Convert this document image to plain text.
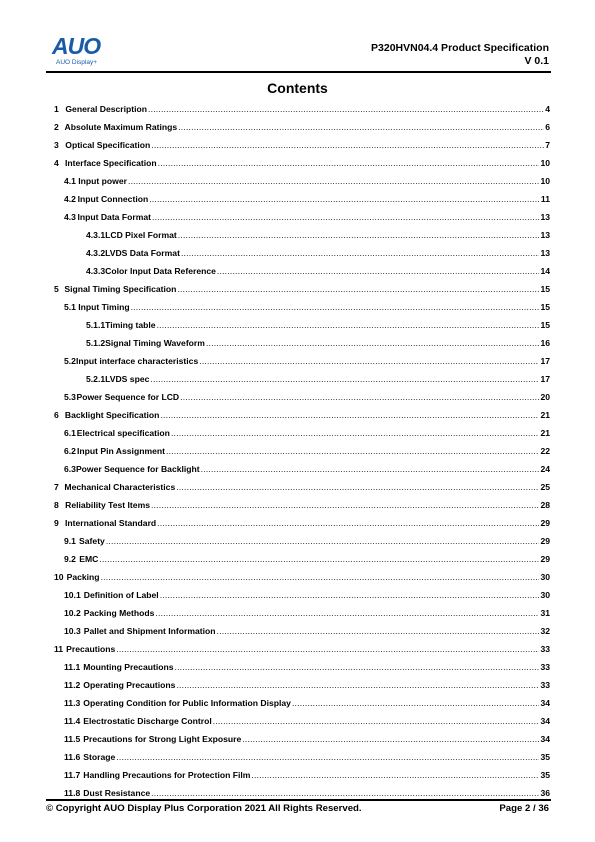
AUO
AUO Display+
P320HVN04.4 Product Specification
V 0.1
Contents
1 General Description .....	4
2 Absolute Maximum Ratings .....	6
3 Optical Specification .....	7
4 Interface Specification .....	10
4.1 Input power .....	10
4.2 Input Connection .....	11
4.3 Input Data Format .....	13
4.3.1 LCD Pixel Format .....	13
4.3.2 LVDS Data Format .....	13
4.3.3 Color Input Data Reference .....	14
5 Signal Timing Specification .....	15
5.1 Input Timing .....	15
5.1.1 Timing table .....	15
5.1.2 Signal Timing Waveform .....	16
5.2 Input interface characteristics .....	17
5.2.1 LVDS spec .....	17
5.3 Power Sequence for LCD .....	20
6 Backlight Specification .....	21
6.1 Electrical specification .....	21
6.2 Input Pin Assignment .....	22
6.3 Power Sequence for Backlight .....	24
7 Mechanical Characteristics .....	25
8 Reliability Test Items .....	28
9 International Standard .....	29
9.1 Safety .....	29
9.2 EMC .....	29
10 Packing .....	30
10.1 Definition of Label .....	30
10.2 Packing Methods .....	31
10.3 Pallet and Shipment Information .....	32
11 Precautions .....	33
11.1 Mounting Precautions .....	33
11.2 Operating Precautions .....	33
11.3 Operating Condition for Public Information Display .....	34
11.4 Electrostatic Discharge Control .....	34
11.5 Precautions for Strong Light Exposure .....	34
11.6 Storage .....	35
11.7 Handling Precautions for Protection Film .....	35
11.8 Dust Resistance .....	36
© Copyright AUO Display Plus Corporation 2021 All Rights Reserved.	Page 2 / 36
